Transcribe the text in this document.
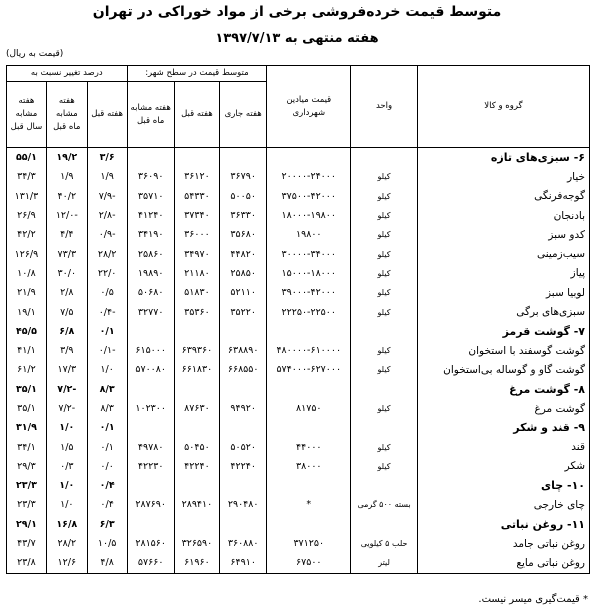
متوسط قیمت خرده‌فروشی برخی از مواد خوراکی در تهران
هفته منتهی به ۱۳۹۷/۷/۱۳
(قیمت به ریال)
گروه و کالا	واحد	قیمت میادین شهرداری	متوسط قیمت در سطح شهر:			درصد تغییر نسبت به		
			هفته جاری	هفته قبل	هفته مشابه ماه قبل	هفته قبل	هفته مشابه ماه قبل	هفته مشابه سال قبل
۶- سبزی‌های تازه						۳/۶	۱۹/۲	۵۵/۱
خیار	کیلو	۲۰۰۰۰-۲۴۰۰۰	۳۶۷۹۰	۳۶۱۲۰	۳۶۰۹۰	۱/۹	۱/۹	۳۴/۳
گوجه‌فرنگی	کیلو	۳۷۵۰۰-۴۲۰۰۰	۵۰۰۵۰	۵۴۳۳۰	۳۵۷۱۰	-۷/۹	۴۰/۲	۱۳۱/۳
بادنجان	کیلو	۱۸۰۰۰-۱۹۸۰۰	۳۶۳۳۰	۳۷۳۴۰	۴۱۲۴۰	-۲/۸	-۱۲/۰	۲۶/۹
کدو سبز	کیلو	۱۹۸۰۰	۳۵۶۸۰	۳۶۰۰۰	۳۴۱۹۰	-۰/۹	۴/۴	۴۲/۲
سیب‌زمینی	کیلو	۳۰۰۰۰-۳۴۰۰۰	۴۴۸۲۰	۳۴۹۷۰	۲۵۸۶۰	۲۸/۲	۷۳/۳	۱۲۶/۹
پیاز	کیلو	۱۵۰۰۰-۱۸۰۰۰	۲۵۸۵۰	۲۱۱۸۰	۱۹۸۹۰	۲۲/۰	۳۰/۰	۱۰/۸
لوبیا سبز	کیلو	۳۹۰۰۰-۴۲۰۰۰	۵۲۱۱۰	۵۱۸۳۰	۵۰۶۸۰	۰/۵	۲/۸	۲۱/۹
سبزی‌های برگی	کیلو	۲۲۲۵۰-۲۲۵۰۰	۳۵۲۲۰	۳۵۳۶۰	۳۲۷۷۰	-۰/۴	۷/۵	۱۹/۱
۷- گوشت قرمز						۰/۱	۶/۸	۴۵/۵
گوشت گوسفند با استخوان	کیلو	۴۸۰۰۰۰-۶۱۰۰۰۰	۶۳۸۸۹۰	۶۳۹۳۶۰	۶۱۵۰۰۰	-۰/۱	۳/۹	۴۱/۱
گوشت گاو و گوساله بی‌استخوان	کیلو	۵۷۴۰۰۰-۶۲۷۰۰۰	۶۶۸۵۵۰	۶۶۱۸۳۰	۵۷۰۰۸۰	۱/۰	۱۷/۳	۶۱/۲
۸- گوشت مرغ						۸/۳	-۷/۲	۳۵/۱
گوشت مرغ	کیلو	۸۱۷۵۰	۹۴۹۲۰	۸۷۶۳۰	۱۰۲۳۰۰	۸/۳	-۷/۲	۳۵/۱
۹- قند و شکر						۰/۱	۱/۰	۳۱/۹
قند	کیلو	۴۴۰۰۰	۵۰۵۲۰	۵۰۴۵۰	۴۹۷۸۰	۰/۱	۱/۵	۳۴/۱
شکر	کیلو	۳۸۰۰۰	۴۲۲۴۰	۴۲۲۴۰	۴۲۲۳۰	۰/۰	۰/۳	۲۹/۳
۱۰- چای						۰/۴	۱/۰	۲۳/۳
چای خارجی	بسته ۵۰۰ گرمی	*	۲۹۰۴۸۰	۲۸۹۴۱۰	۲۸۷۶۹۰	۰/۴	۱/۰	۲۳/۳
۱۱- روغن نباتی						۶/۳	۱۶/۸	۲۹/۱
روغن نباتی جامد	حلب ۵ کیلویی	۳۷۱۲۵۰	۳۶۰۸۸۰	۳۲۶۵۹۰	۲۸۱۵۶۰	۱۰/۵	۲۸/۲	۴۳/۷
روغن نباتی مایع	لیتر	۶۷۵۰۰	۶۴۹۱۰	۶۱۹۶۰	۵۷۶۶۰	۴/۸	۱۲/۶	۲۳/۸
* قیمت‌گیری میسر نیست.
